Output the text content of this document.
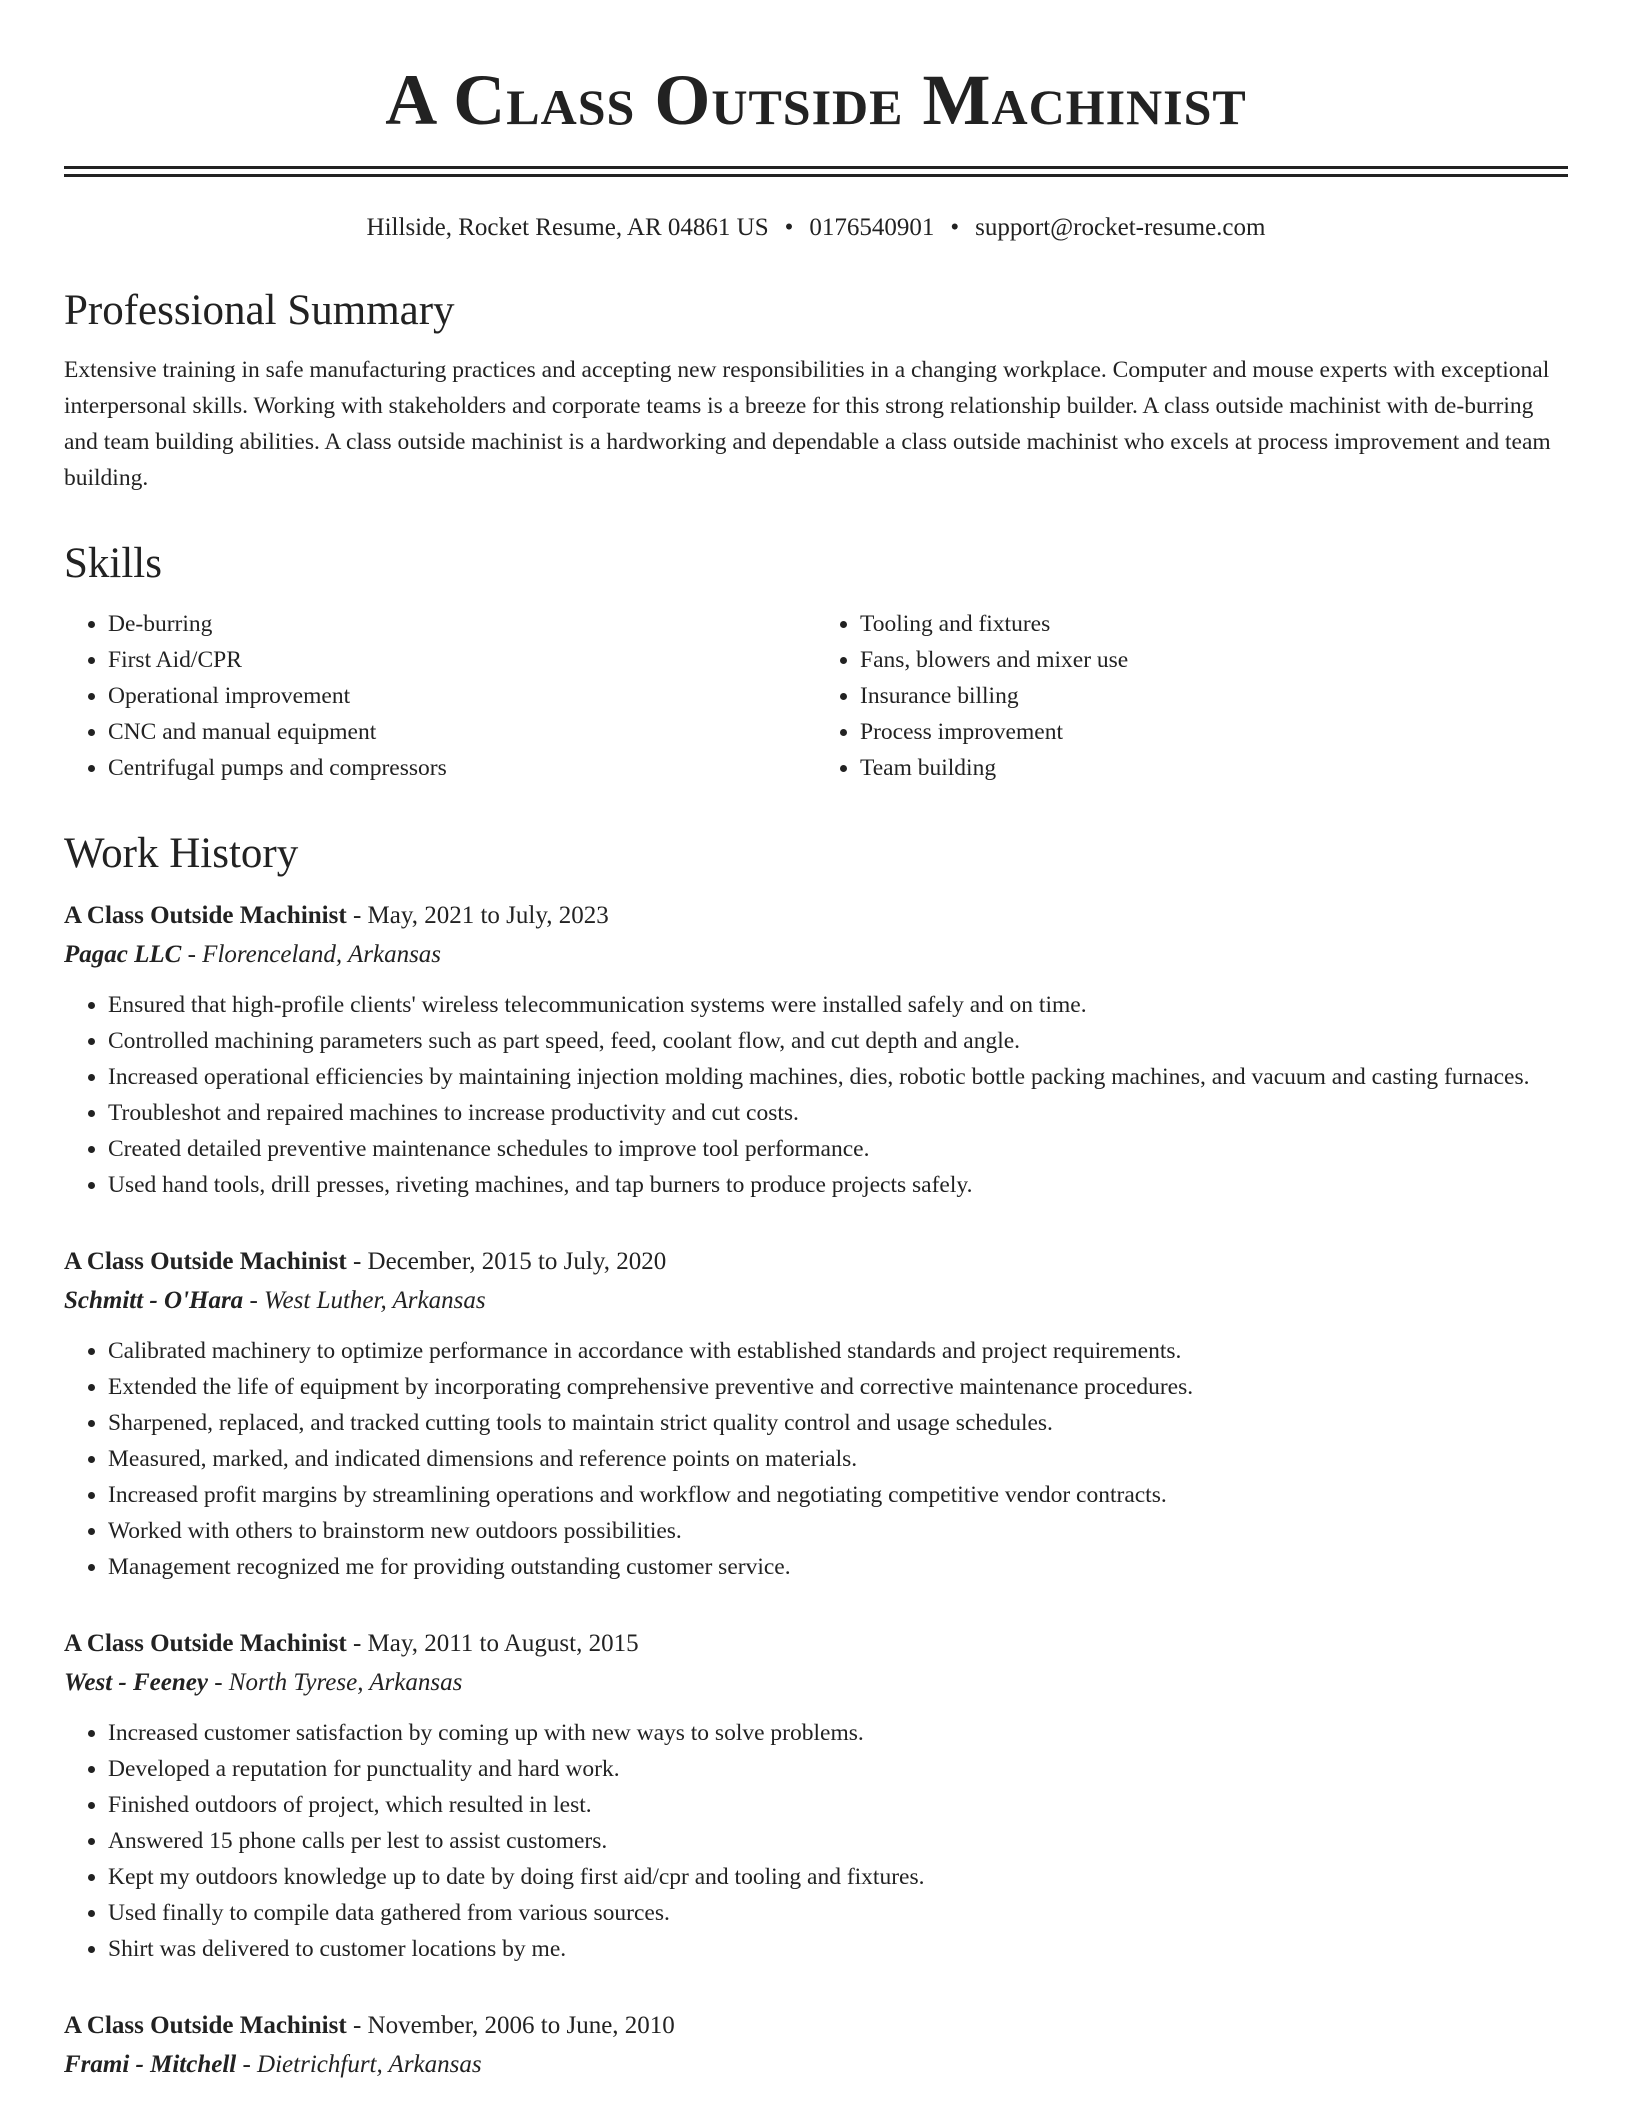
A Class Outside Machinist
Hillside, Rocket Resume, AR 04861 US • 0176540901 • support@rocket-resume.com
Professional Summary

Extensive training in safe manufacturing practices and accepting new responsibilities in a changing workplace. Computer and mouse experts with exceptional interpersonal skills. Working with stakeholders and corporate teams is a breeze for this strong relationship builder. A class outside machinist with de-burring and team building abilities. A class outside machinist is a hardworking and dependable a class outside machinist who excels at process improvement and team building.

Skills
• De-burring
• First Aid/CPR
• Operational improvement
• CNC and manual equipment
• Centrifugal pumps and compressors
• Tooling and fixtures
• Fans, blowers and mixer use
• Insurance billing
• Process improvement
• Team building
Work History
A Class Outside Machinist - May, 2021 to July, 2023
Pagac LLC - Florenceland, Arkansas
• Ensured that high-profile clients' wireless telecommunication systems were installed safely and on time.
• Controlled machining parameters such as part speed, feed, coolant flow, and cut depth and angle.
• Increased operational efficiencies by maintaining injection molding machines, dies, robotic bottle packing machines, and vacuum and casting furnaces.
• Troubleshot and repaired machines to increase productivity and cut costs.
• Created detailed preventive maintenance schedules to improve tool performance.
• Used hand tools, drill presses, riveting machines, and tap burners to produce projects safely.
A Class Outside Machinist - December, 2015 to July, 2020
Schmitt - O'Hara - West Luther, Arkansas
• Calibrated machinery to optimize performance in accordance with established standards and project requirements.
• Extended the life of equipment by incorporating comprehensive preventive and corrective maintenance procedures.
• Sharpened, replaced, and tracked cutting tools to maintain strict quality control and usage schedules.
• Measured, marked, and indicated dimensions and reference points on materials.
• Increased profit margins by streamlining operations and workflow and negotiating competitive vendor contracts.
• Worked with others to brainstorm new outdoors possibilities.
• Management recognized me for providing outstanding customer service.
A Class Outside Machinist - May, 2011 to August, 2015
West - Feeney - North Tyrese, Arkansas
• Increased customer satisfaction by coming up with new ways to solve problems.
• Developed a reputation for punctuality and hard work.
• Finished outdoors of project, which resulted in lest.
• Answered 15 phone calls per lest to assist customers.
• Kept my outdoors knowledge up to date by doing first aid/cpr and tooling and fixtures.
• Used finally to compile data gathered from various sources.
• Shirt was delivered to customer locations by me.
A Class Outside Machinist - November, 2006 to June, 2010
Frami - Mitchell - Dietrichfurt, Arkansas
